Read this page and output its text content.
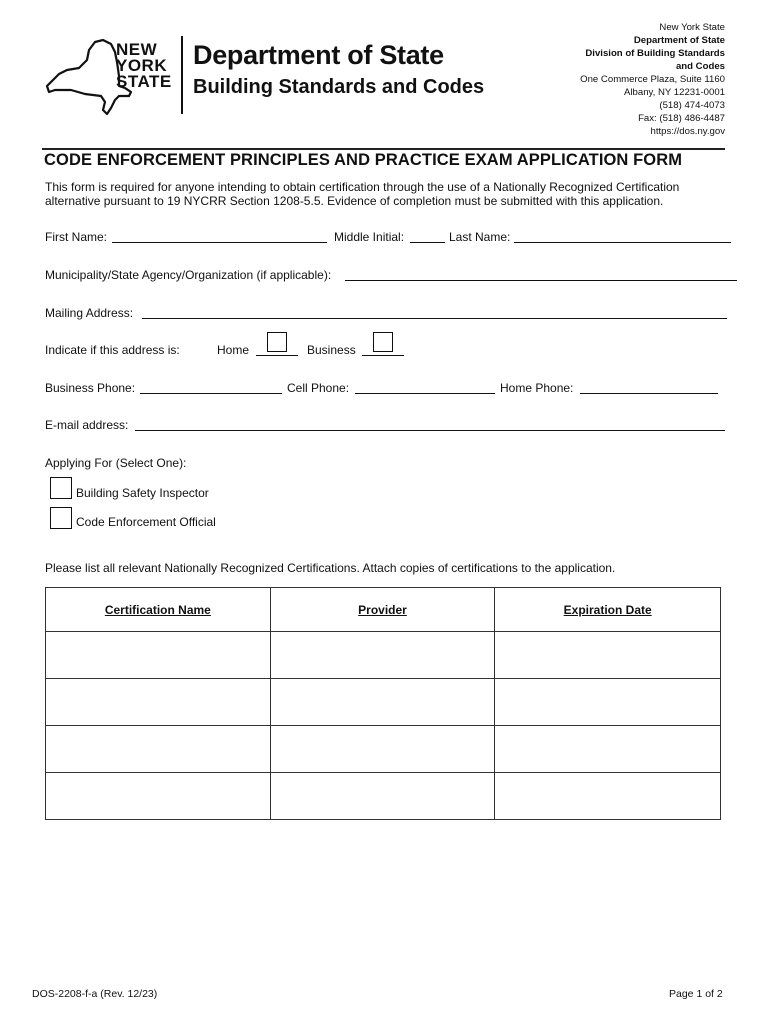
NEW
YORK
STATE
Department of State
Building Standards and Codes
New York State
Department of State
Division of Building Standards
and Codes
One Commerce Plaza, Suite 1160
Albany, NY 12231-0001
(518) 474-4073
Fax: (518) 486-4487
https://dos.ny.gov
CODE ENFORCEMENT PRINCIPLES AND PRACTICE EXAM APPLICATION FORM
This form is required for anyone intending to obtain certification through the use of a Nationally Recognized Certification alternative pursuant to 19 NYCRR Section 1208-5.5. Evidence of completion must be submitted with this application.
First Name:	Middle Initial:	Last Name:
Municipality/State Agency/Organization (if applicable):
Mailing Address:
Indicate if this address is:	Home	Business
Business Phone:	Cell Phone:	Home Phone:
E-mail address:
Applying For (Select One):
Building Safety Inspector
Code Enforcement Official
Please list all relevant Nationally Recognized Certifications. Attach copies of certifications to the application.
Certification Name	Provider	Expiration Date

DOS-2208-f-a (Rev. 12/23)	Page 1 of 2
